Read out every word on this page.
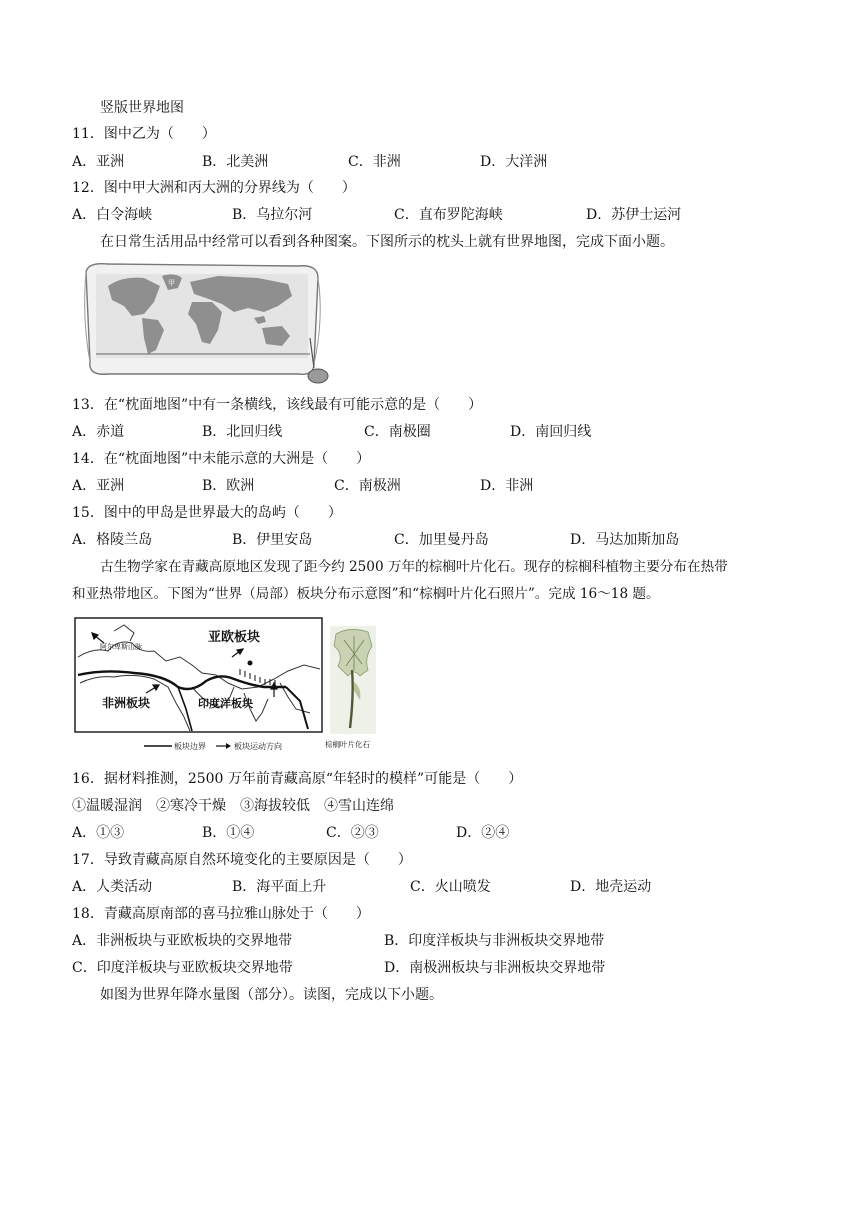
竖版世界地图
11．图中乙为（　　）
A．亚洲	B．北美洲	C．非洲	D．大洋洲
12．图中甲大洲和丙大洲的分界线为（　　）
A．白令海峡	B．乌拉尔河	C．直布罗陀海峡	D．苏伊士运河
在日常生活用品中经常可以看到各种图案。下图所示的枕头上就有世界地图，完成下面小题。
甲
13．在“枕面地图”中有一条横线，该线最有可能示意的是（　　）
A．赤道	B．北回归线	C．南极圈	D．南回归线
14．在“枕面地图”中未能示意的大洲是（　　）
A．亚洲	B．欧洲	C．南极洲	D．非洲
15．图中的甲岛是世界最大的岛屿（　　）
A．格陵兰岛	B．伊里安岛	C．加里曼丹岛	D．马达加斯加岛
古生物学家在青藏高原地区发现了距今约 2500 万年的棕榈叶片化石。现存的棕榈科植物主要分布在热带
和亚热带地区。下图为“世界（局部）板块分布示意图”和“棕榈叶片化石照片”。完成 16～18 题。
亚欧板块
阿尔卑斯山脉
非洲板块	印度洋板块
板块边界	板块运动方向	棕榈叶片化石
16．据材料推测，2500 万年前青藏高原“年轻时的模样”可能是（　　）
①温暖湿润　②寒冷干燥　③海拔较低　④雪山连绵
A．①③	B．①④	C．②③	D．②④
17．导致青藏高原自然环境变化的主要原因是（　　）
A．人类活动	B．海平面上升	C．火山喷发	D．地壳运动
18．青藏高原南部的喜马拉雅山脉处于（　　）
A．非洲板块与亚欧板块的交界地带	B．印度洋板块与非洲板块交界地带
C．印度洋板块与亚欧板块交界地带	D．南极洲板块与非洲板块交界地带
如图为世界年降水量图（部分）。读图，完成以下小题。
